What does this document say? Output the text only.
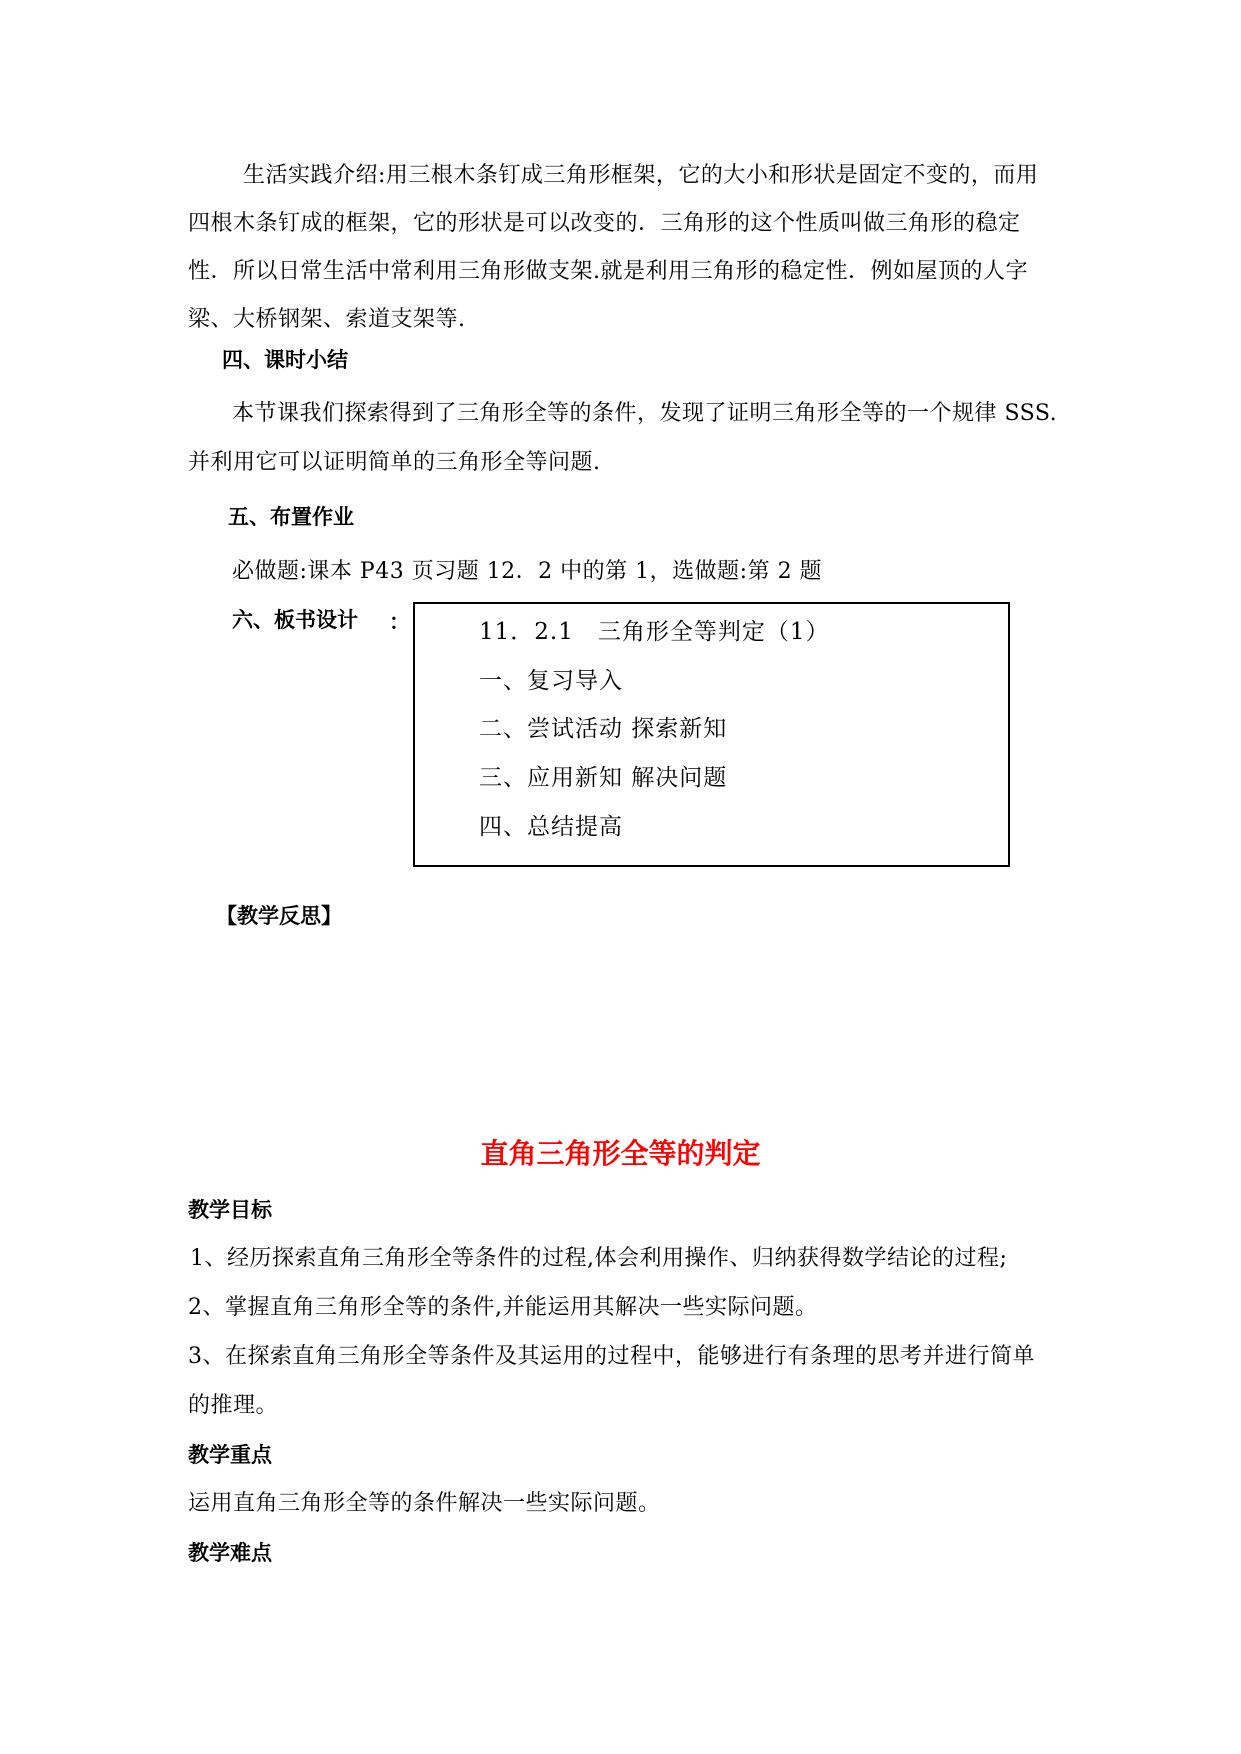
生活实践介绍:用三根木条钉成三角形框架，它的大小和形状是固定不变的，而用
四根木条钉成的框架，它的形状是可以改变的．三角形的这个性质叫做三角形的稳定
性．所以日常生活中常利用三角形做支架.就是利用三角形的稳定性．例如屋顶的人字
梁、大桥钢架、索道支架等.
四、课时小结
本节课我们探索得到了三角形全等的条件，发现了证明三角形全等的一个规律 SSS.
并利用它可以证明简单的三角形全等问题.
五、布置作业
必做题:课本 P43 页习题 12．2 中的第 1，选做题:第 2 题
六、板书设计 ：	11．2.1　三角形全等判定（1）
一、复习导入
二、尝试活动 探索新知
三、应用新知 解决问题
四、总结提高
【教学反思】
直角三角形全等的判定
教学目标
1、经历探索直角三角形全等条件的过程,体会利用操作、归纳获得数学结论的过程;
2、掌握直角三角形全等的条件,并能运用其解决一些实际问题。
3、在探索直角三角形全等条件及其运用的过程中，能够进行有条理的思考并进行简单
的推理。
教学重点
运用直角三角形全等的条件解决一些实际问题。
教学难点
